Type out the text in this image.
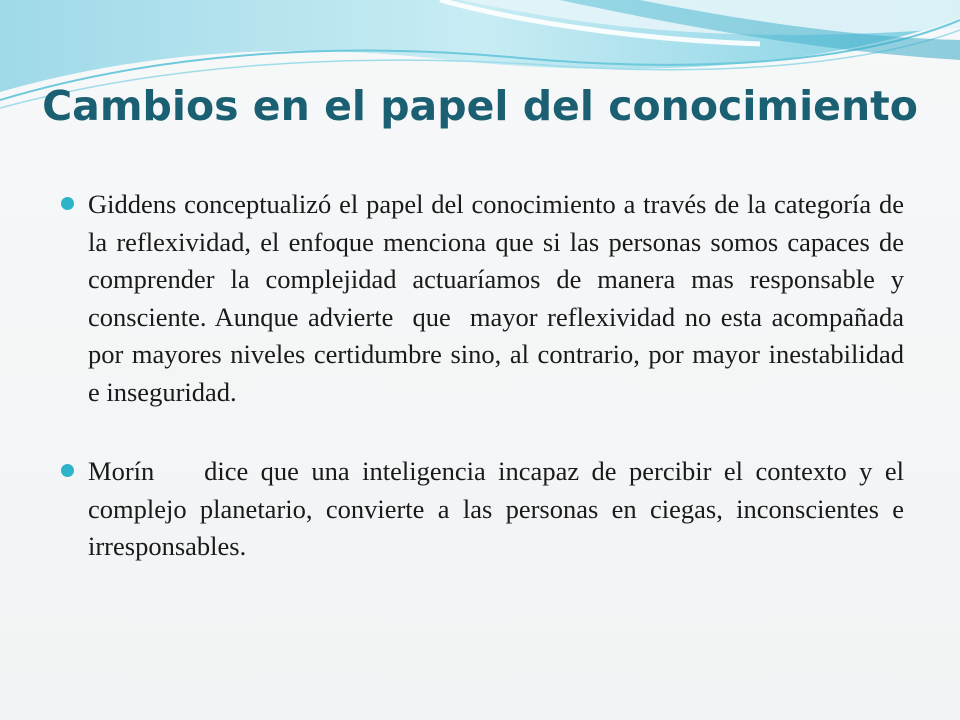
Cambios en el papel del conocimiento

Giddens conceptualizó el papel del conocimiento a través de la categoría de la reflexividad, el enfoque menciona que si las personas somos capaces de comprender la complejidad actuaríamos de manera mas responsable y consciente. Aunque advierte  que  mayor reflexividad no esta acompañada por mayores niveles certidumbre sino, al contrario, por mayor inestabilidad e inseguridad.

Morín    dice que una inteligencia incapaz de percibir el contexto y el complejo planetario, convierte a las personas en ciegas, inconscientes e irresponsables.
